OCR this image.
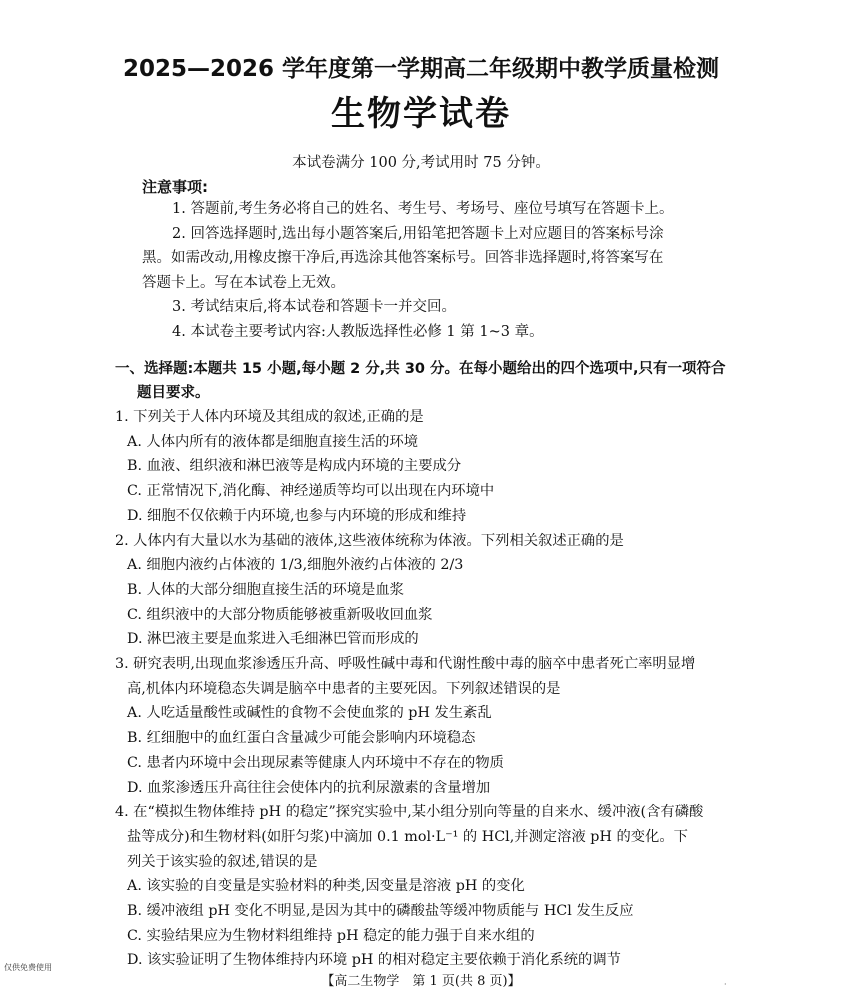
2025—2026 学年度第一学期高二年级期中教学质量检测
生物学试卷
本试卷满分 100 分,考试用时 75 分钟。
注意事项:

1. 答题前,考生务必将自己的姓名、考生号、考场号、座位号填写在答题卡上。

2. 回答选择题时,选出每小题答案后,用铅笔把答题卡上对应题目的答案标号涂

黑。如需改动,用橡皮擦干净后,再选涂其他答案标号。回答非选择题时,将答案写在

答题卡上。写在本试卷上无效。

3. 考试结束后,将本试卷和答题卡一并交回。

4. 本试卷主要考试内容:人教版选择性必修 1 第 1~3 章。

一、选择题:本题共 15 小题,每小题 2 分,共 30 分。在每小题给出的四个选项中,只有一项符合
题目要求。
1. 下列关于人体内环境及其组成的叙述,正确的是
A. 人体内所有的液体都是细胞直接生活的环境
B. 血液、组织液和淋巴液等是构成内环境的主要成分
C. 正常情况下,消化酶、神经递质等均可以出现在内环境中
D. 细胞不仅依赖于内环境,也参与内环境的形成和维持
2. 人体内有大量以水为基础的液体,这些液体统称为体液。下列相关叙述正确的是
A. 细胞内液约占体液的 1/3,细胞外液约占体液的 2/3
B. 人体的大部分细胞直接生活的环境是血浆
C. 组织液中的大部分物质能够被重新吸收回血浆
D. 淋巴液主要是血浆进入毛细淋巴管而形成的
3. 研究表明,出现血浆渗透压升高、呼吸性碱中毒和代谢性酸中毒的脑卒中患者死亡率明显增
高,机体内环境稳态失调是脑卒中患者的主要死因。下列叙述错误的是
A. 人吃适量酸性或碱性的食物不会使血浆的 pH 发生紊乱
B. 红细胞中的血红蛋白含量减少可能会影响内环境稳态
C. 患者内环境中会出现尿素等健康人内环境中不存在的物质
D. 血浆渗透压升高往往会使体内的抗利尿激素的含量增加
4. 在“模拟生物体维持 pH 的稳定”探究实验中,某小组分别向等量的自来水、缓冲液(含有磷酸
盐等成分)和生物材料(如肝匀浆)中滴加 0.1 mol·L⁻¹ 的 HCl,并测定溶液 pH 的变化。下
列关于该实验的叙述,错误的是
A. 该实验的自变量是实验材料的种类,因变量是溶液 pH 的变化
B. 缓冲液组 pH 变化不明显,是因为其中的磷酸盐等缓冲物质能与 HCl 发生反应
C. 实验结果应为生物材料组维持 pH 稳定的能力强于自来水组的
D. 该实验证明了生物体维持内环境 pH 的相对稳定主要依赖于消化系统的调节
仅供免费使用
【高二生物学　第 1 页(共 8 页)】	·
